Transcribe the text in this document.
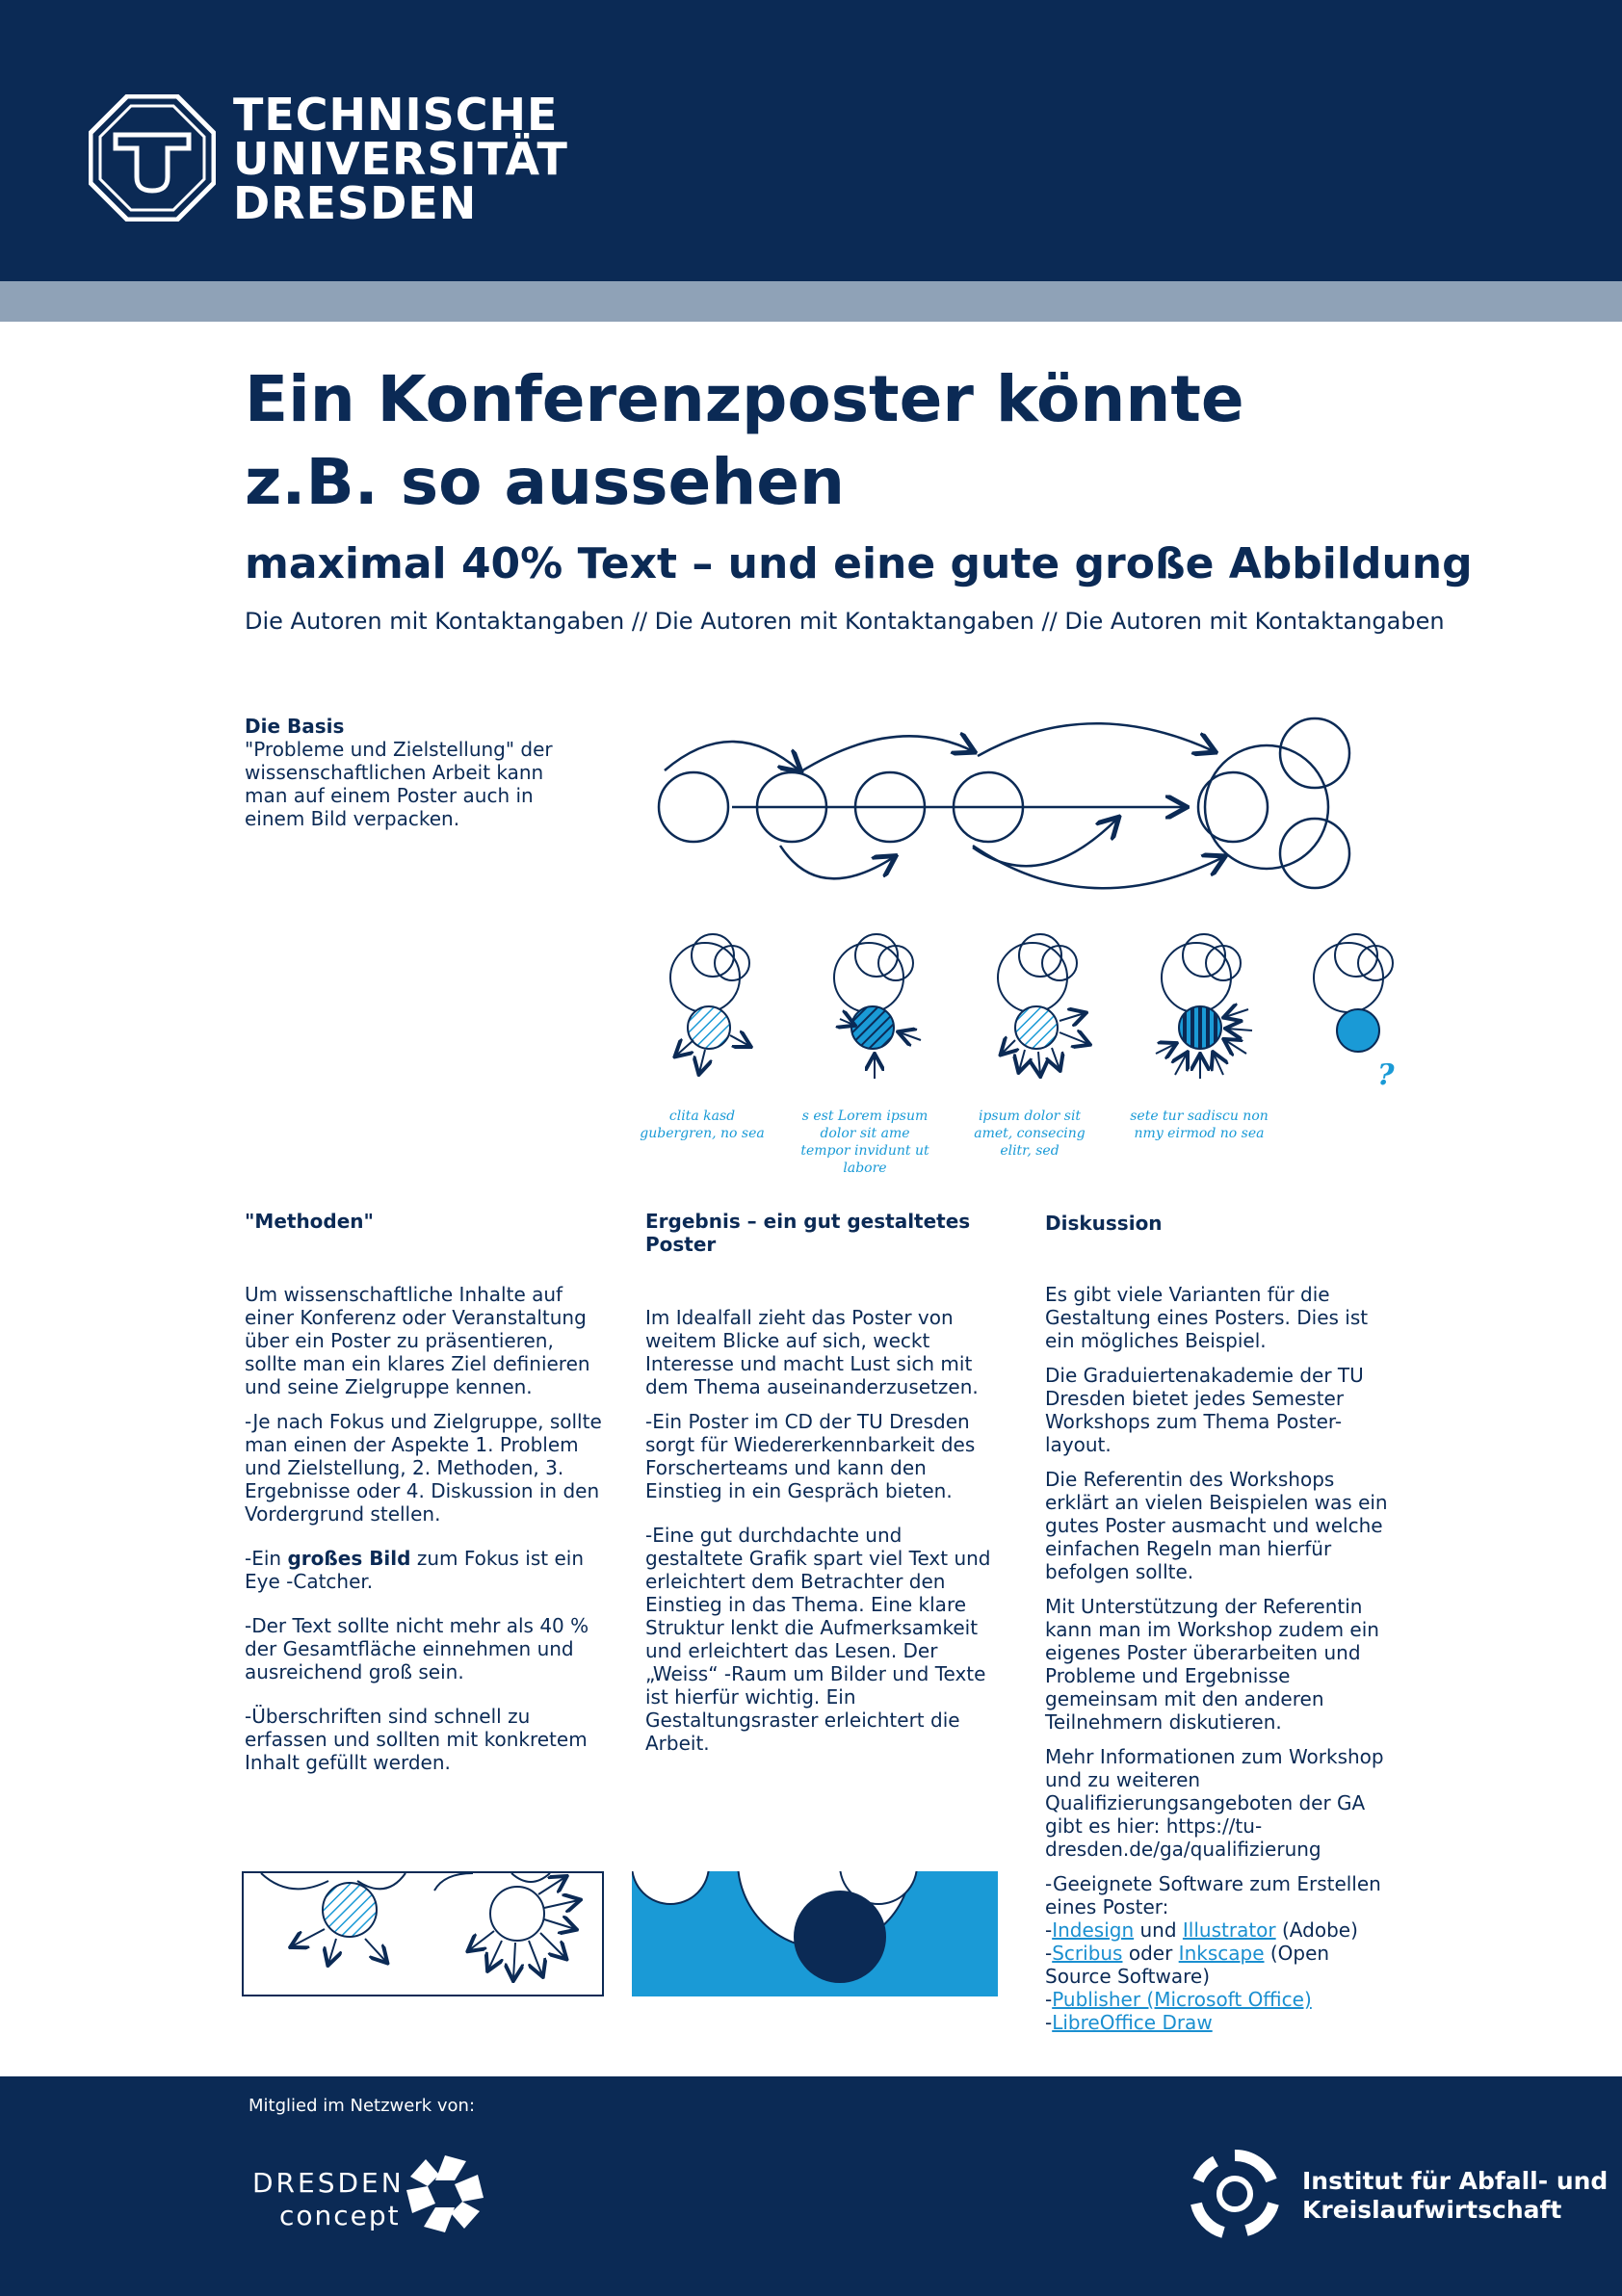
TECHNISCHE
UNIVERSITÄT
DRESDEN
Ein Konferenzposter könnte
z.B. so aussehen
maximal 40% Text – und eine gute große Abbildung
Die Autoren mit Kontaktangaben // Die Autoren mit Kontaktangaben // Die Autoren mit Kontaktangaben
Die Basis
"Probleme und Zielstellung" der wissenschaftlichen Arbeit kann man auf einem Poster auch in einem Bild verpacken.
?
clita kasd gubergren, no sea
s est Lorem ipsum dolor sit ame tempor invidunt ut labore
ipsum dolor sit amet, consecing elitr, sed
sete tur sadiscu non nmy eirmod no sea
"Methoden"

Um wissenschaftliche Inhalte auf einer Konferenz oder Veranstaltung über ein Poster zu präsentieren, sollte man ein klares Ziel definieren und seine Zielgruppe kennen.

-Je nach Fokus und Zielgruppe, sollte man einen der Aspekte 1. Problem und Zielstellung, 2. Methoden, 3. Ergebnisse oder 4. Diskussion in den Vordergrund stellen.

-Ein großes Bild zum Fokus ist ein Eye -Catcher.

-Der Text sollte nicht mehr als 40 % der Gesamtfläche einnehmen und ausreichend groß sein.

-Überschriften sind schnell zu erfassen und sollten mit konkretem Inhalt gefüllt werden.

Ergebnis – ein gut gestaltetes Poster

Im Idealfall zieht das Poster von weitem Blicke auf sich, weckt Interesse und macht Lust sich mit dem Thema auseinanderzusetzen.

-Ein Poster im CD der TU Dresden sorgt für Wiedererkennbarkeit des Forscherteams und kann den Einstieg in ein Gespräch bieten.

-Eine gut durchdachte und gestaltete Grafik spart viel Text und erleichtert dem Betrachter den Einstieg in das Thema. Eine klare Struktur lenkt die Aufmerksamkeit und erleichtert das Lesen. Der „Weiss“ -Raum um Bilder und Texte ist hierfür wichtig. Ein Gestaltungsraster erleichtert die Arbeit.

Diskussion

Es gibt viele Varianten für die Gestaltung eines Posters. Dies ist ein mögliches Beispiel.

Die Graduiertenakademie der TU Dresden bietet jedes Semester Workshops zum Thema Poster-layout.

Die Referentin des Workshops erklärt an vielen Beispielen was ein gutes Poster ausmacht und welche einfachen Regeln man hierfür befolgen sollte.

Mit Unterstützung der Referentin kann man im Workshop zudem ein eigenes Poster überarbeiten und Probleme und Ergebnisse gemeinsam mit den anderen Teilnehmern diskutieren.

Mehr Informationen zum Workshop und zu weiteren Qualifizierungsangeboten der GA gibt es hier: https://tu-dresden.de/ga/qualifizierung

-Geeignete Software zum Erstellen eines Poster:
-Indesign und Illustrator (Adobe)
-Scribus oder Inkscape (Open Source Software)
-Publisher (Microsoft Office)
-LibreOffice Draw
Mitglied im Netzwerk von:
DRESDEN
concept
Institut für Abfall- und
Kreislaufwirtschaft
